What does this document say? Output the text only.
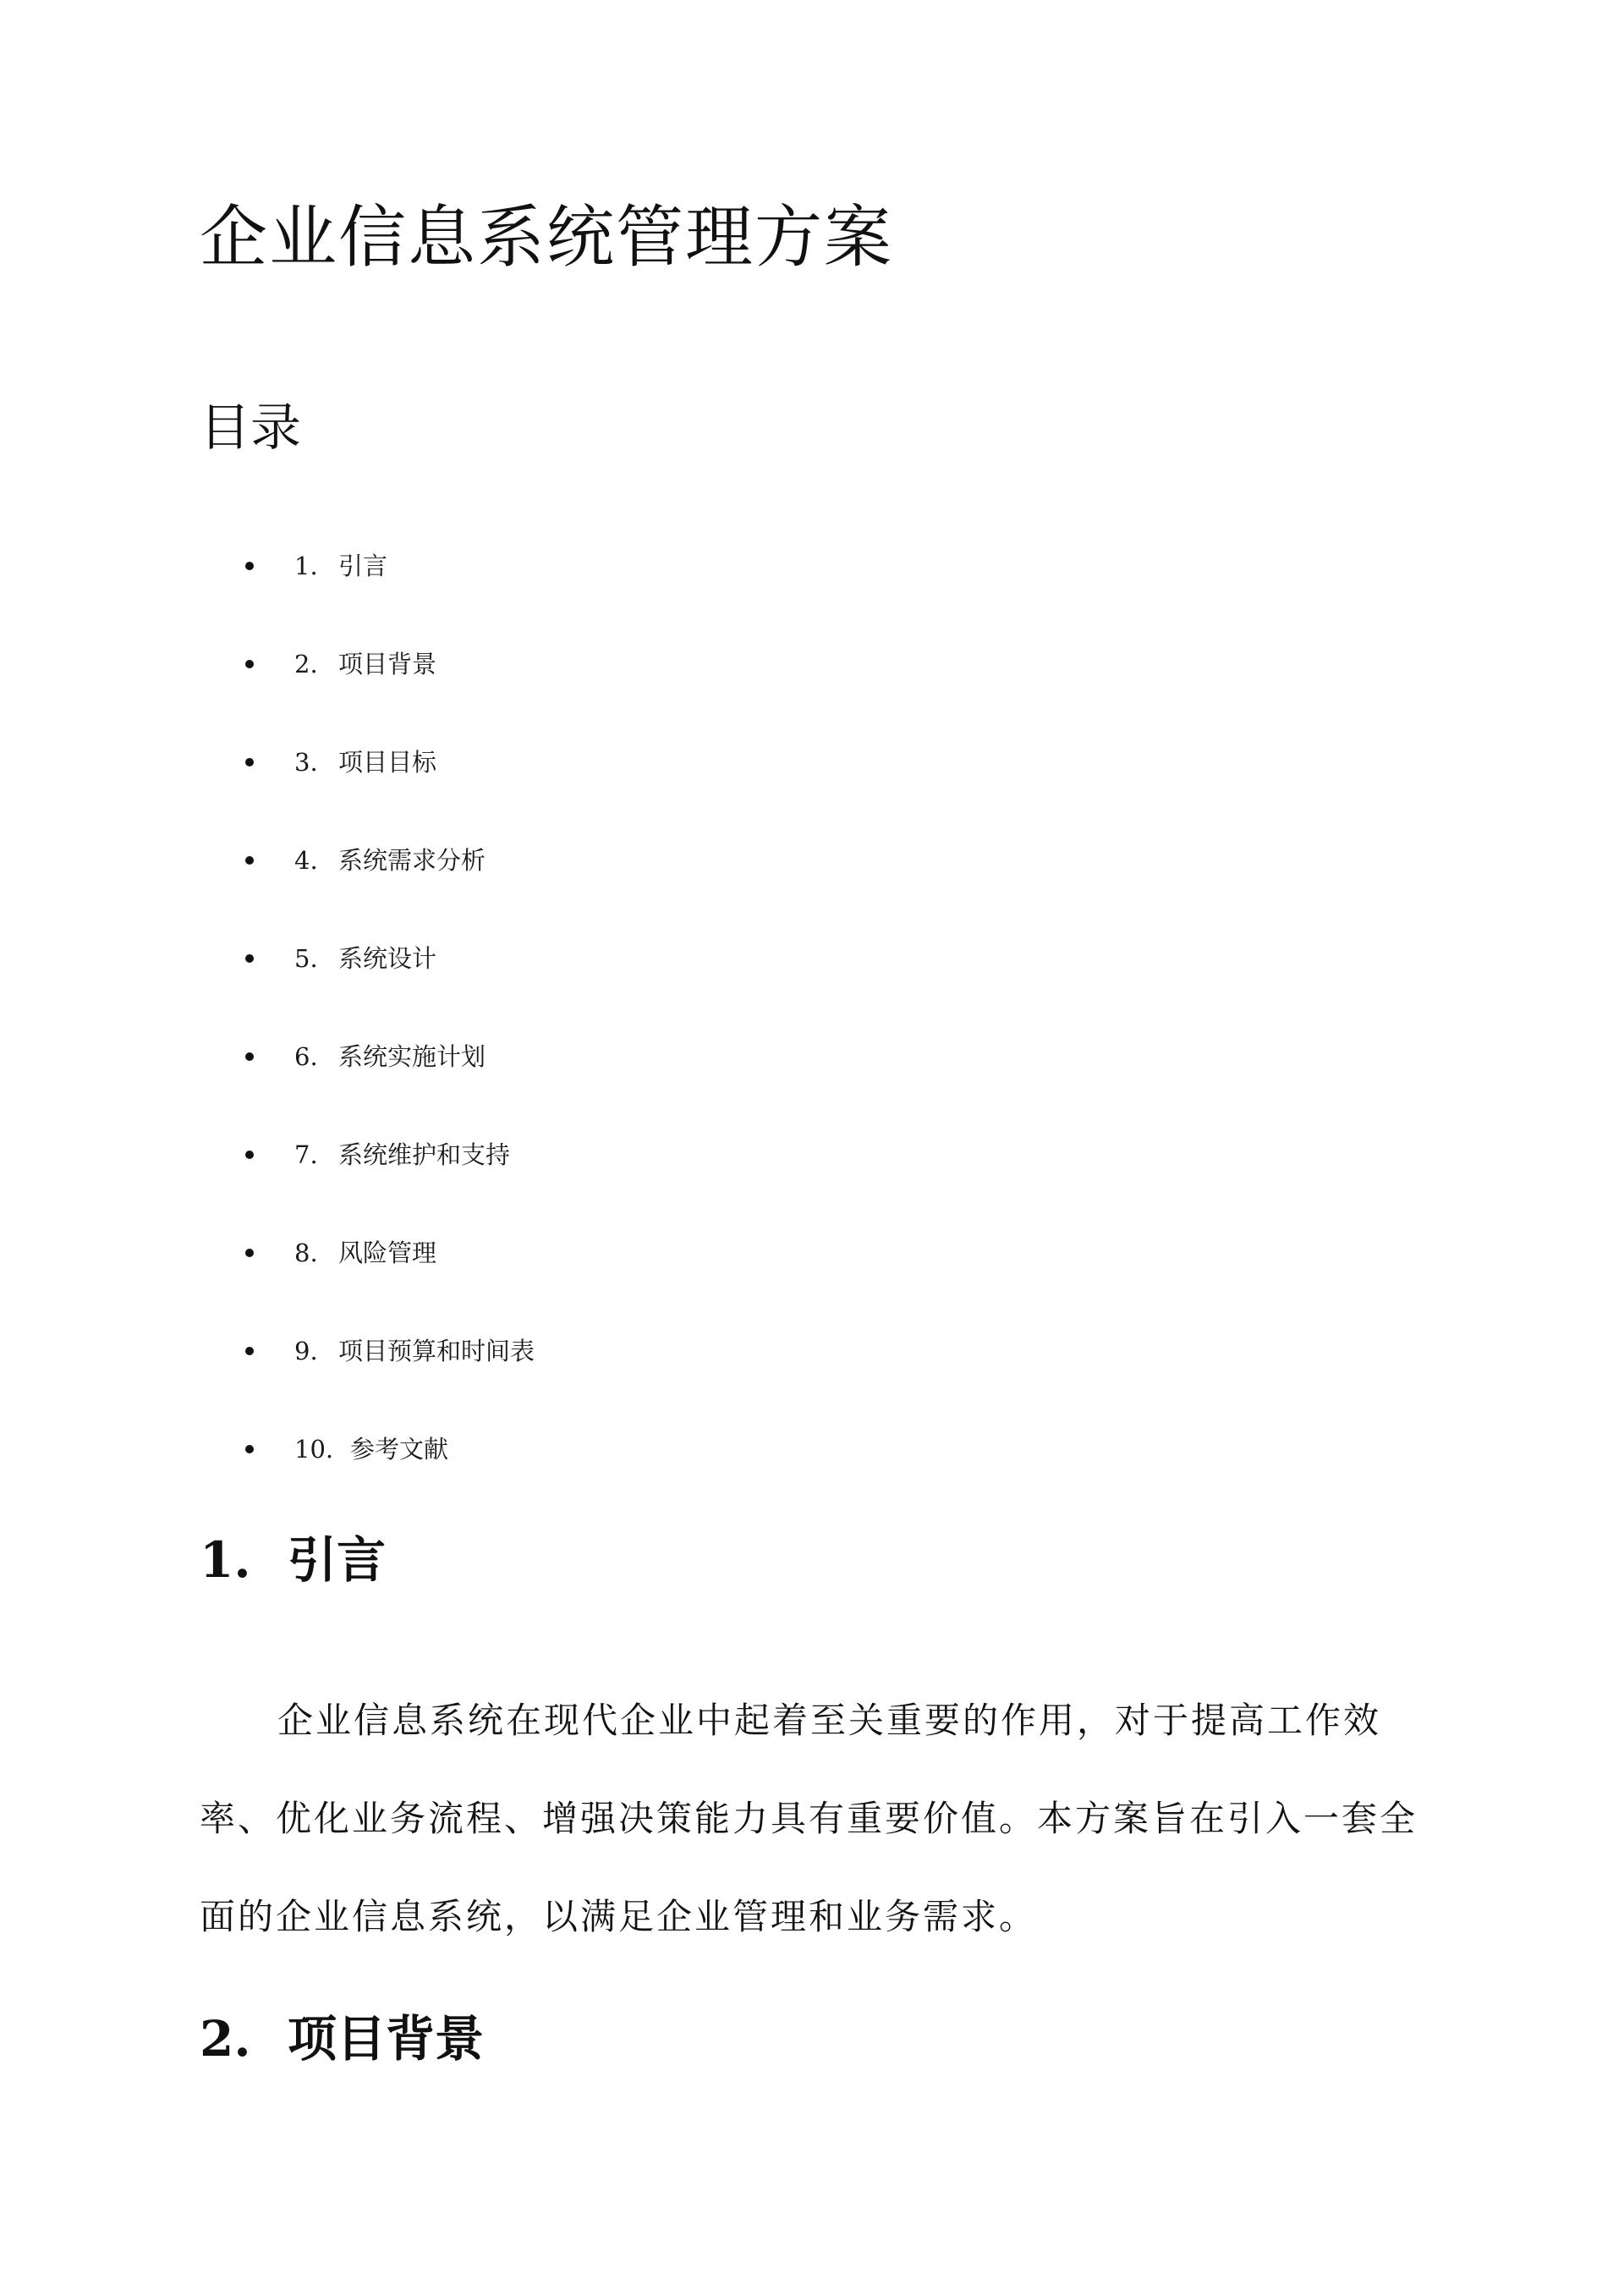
企业信息系统管理方案
目录
1. 引言
2. 项目背景
3. 项目目标
4. 系统需求分析
5. 系统设计
6. 系统实施计划
7. 系统维护和支持
8. 风险管理
9. 项目预算和时间表
10. 参考文献
1. 引言

企业信息系统在现代企业中起着至关重要的作用，对于提高工作效率、优化业务流程、增强决策能力具有重要价值。本方案旨在引入一套全面的企业信息系统，以满足企业管理和业务需求。

2. 项目背景
